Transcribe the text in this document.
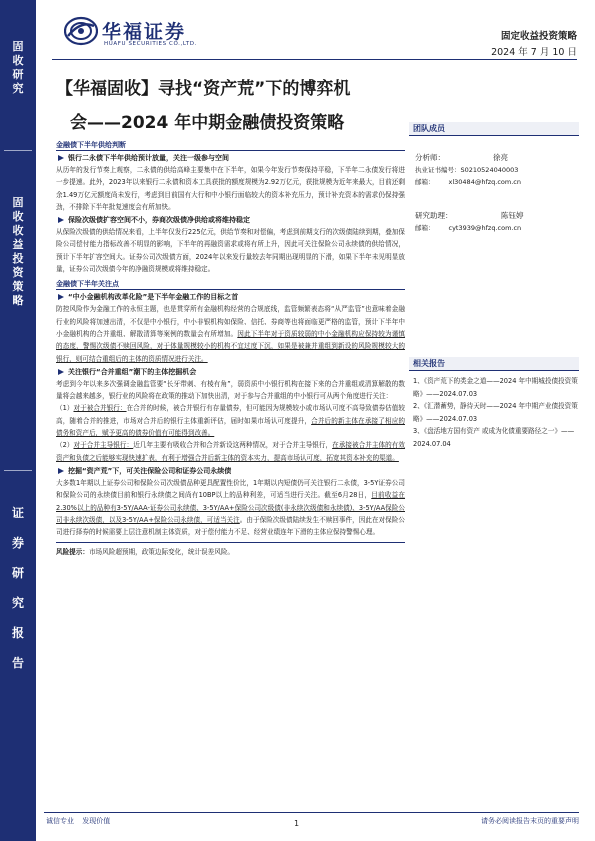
固收研究
固收收益投资策略
证券研究报告
华福证券
HUAFU SECURITIES CO.,LTD.
固定收益投资策略
2024 年 7 月 10 日
【华福固收】寻找“资产荒”下的博弈机
会——2024 年中期金融债投资策略
金融债下半年供给判断
银行二永债下半年供给预计放量，关注一级参与空间

从历年的发行节奏上观察，二永债的供给高峰主要集中在下半年，如果今年发行节奏保持平稳，下半年二永债发行将进一步提速。此外，2023年以来银行二永债和资本工具获批的额度规模为2.92万亿元，获批规模为近年来最大，目前还剩余1.49万亿元额度尚未发行，考虑到目前国有大行和中小银行面临较大的资本补充压力，预计补充资本的需求仍保持强劲，不排除下半年批复速度会有所加快。

保险次级债扩容空间不小，券商次级债净供给或将维持稳定

从保险次级债的供给情况来看，上半年仅发行225亿元，供给节奏和对偿偏，考虑到前期支行的次级债陆续到期，叠加保险公司偿付能力指标改善不明显的影响，下半年的再融资需求或将有所上升，因此可关注保险公司永续债的供给情况，预计下半年扩容空间大。证券公司次级债方面，2024年以来发行量较去年同期出现明显的下滑，如果下半年未见明显放量，证券公司次级债今年的净融资规模或将维持稳定。

金融债下半年关注点
“中小金融机构改革化险”是下半年金融工作的目标之首

防控风险作为金融工作的永恒主题，也是贯穿所有金融机构经营的合规底线，监管频繁表态将“从严监管”也意味着金融行业的风险将加速出清，不仅是中小银行，中小非银机构如保险、信托、券商等也将面临更严格的监管，预计下半年中小金融机构的合并重组、解散清算等案例的数量会有所增加。因此下半年对于资质较弱的中小金融机构应保持较为谨慎的态度，警惕次级债不赎回风险，对于体量规模较小的机构不宜过度下沉，如果是被兼并重组到新设的风险规模较大的银行，则可结合重组后的主体的资质情况进行关注。

关注银行“合并重组”潮下的主体挖掘机会

考虑到今年以来多次强调金融监管要“长牙带刺、有棱有角”，弱资质中小银行机构在接下来的合并重组或清算解散的数量将会越来越多，银行业的风险将在政策的推动下加快出清，对于参与合并重组的中小银行可从两个角度进行关注：

（1）对于被合并银行：在合并的时候，被合并银行有存量债券，但可能因为规模较小或市场认可度不高导致债券估值较高，随着合并的推进，市场对合并后的银行主体重新评估，届时如果市场认可度提升，合并后的新主体在承接了相应的债务和资产后，赋予更高的债券价值有可能得到改善。

（2）对于合并主导银行：近几年主要有吸收合并和合并新设这两种情况，对于合并主导银行，在承接被合并主体的有效资产和负债之后能够实现快速扩表，有利于增强合并后新主体的资本实力，提高市场认可度，拓宽其资本补充的渠道。

挖掘“资产荒”下，可关注保险公司和证券公司永续债

大多数1年期以上证券公司和保险公司次级债品种更具配置性价比，1年期以内短债仍可关注银行二永债，3-5Y证券公司和保险公司的永续债目前和银行永续债之间尚有10BP以上的品种利差，可适当进行关注。截至6月28日，目前收益在2.30%以上的品种有3-5Y/AAA-证券公司永续债、3-5Y/AA+保险公司次级债(非永续次级债和永续债)、3-5Y/AA保险公司非永续次级债，以及3-5Y/AA+保险公司永续债，可适当关注。由于保险次级债陆续发生不赎回事件，因此在对保险公司进行择券的时候需要上层注意机制主体资质，对于偿付能力不足、经营业绩连年下滑的主体应保持警惕心理。

风险提示：市场风险超预期，政策边际变化，统计误差风险。

团队成员
分析师：	徐亮
执业证书编号：S0210524040003
邮箱： xl30484@hfzq.com.cn
研究助理：	陈钰婷
邮箱： cyt3939@hfzq.com.cn
相关报告
1、《资产荒下的类金之道——2024 年中期城投债投资策略》——2024.07.03
2、《汇潜蓄势，静待天时——2024 年中期产业债投资策略》——2024.07.03
3、《盘活地方国有资产 或成为化债重要路径之一》——2024.07.04
诚信专业 发现价值	1	请务必阅读报告末页的重要声明
